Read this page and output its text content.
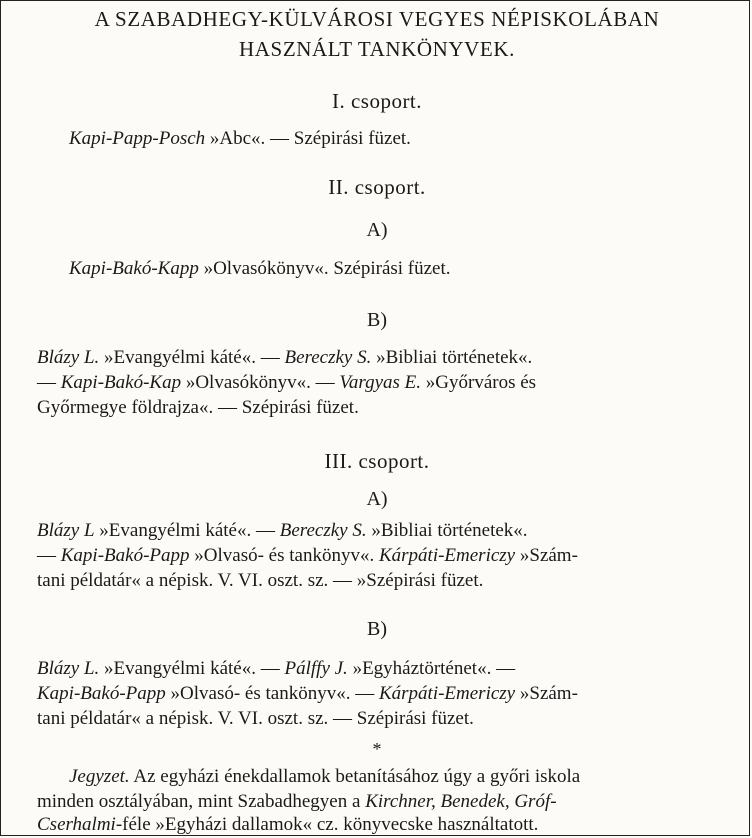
A SZABADHEGY-KÜLVÁROSI VEGYES NÉPISKOLÁBAN
HASZNÁLT TANKÖNYVEK.
I. csoport.
Kapi-Papp-Posch »Abc«. — Szépirási füzet.
II. csoport.
A)
Kapi-Bakó-Kapp »Olvasókönyv«. Szépirási füzet.
B)
Blázy L. »Evangyélmi káté«. — Bereczky S. »Bibliai történetek«.
— Kapi-Bakó-Kap »Olvasókönyv«. — Vargyas E. »Győrváros és
Győrmegye földrajza«. — Szépirási füzet.
III. csoport.
A)
Blázy L »Evangyélmi káté«. — Bereczky S. »Bibliai történetek«.
— Kapi-Bakó-Papp »Olvasó- és tankönyv«. Kárpáti-Emericzy »Szám-
tani példatár« a népisk. V. VI. oszt. sz. — »Szépirási füzet.
B)
Blázy L. »Evangyélmi káté«. — Pálffy J. »Egyháztörténet«. —
Kapi-Bakó-Papp »Olvasó- és tankönyv«. — Kárpáti-Emericzy »Szám-
tani példatár« a népisk. V. VI. oszt. sz. — Szépirási füzet.
*
Jegyzet. Az egyházi énekdallamok betanításához úgy a győri iskola
minden osztályában, mint Szabadhegyen a Kirchner, Benedek, Gróf-
Cserhalmi-féle »Egyházi dallamok« cz. könyvecske használtatott.
